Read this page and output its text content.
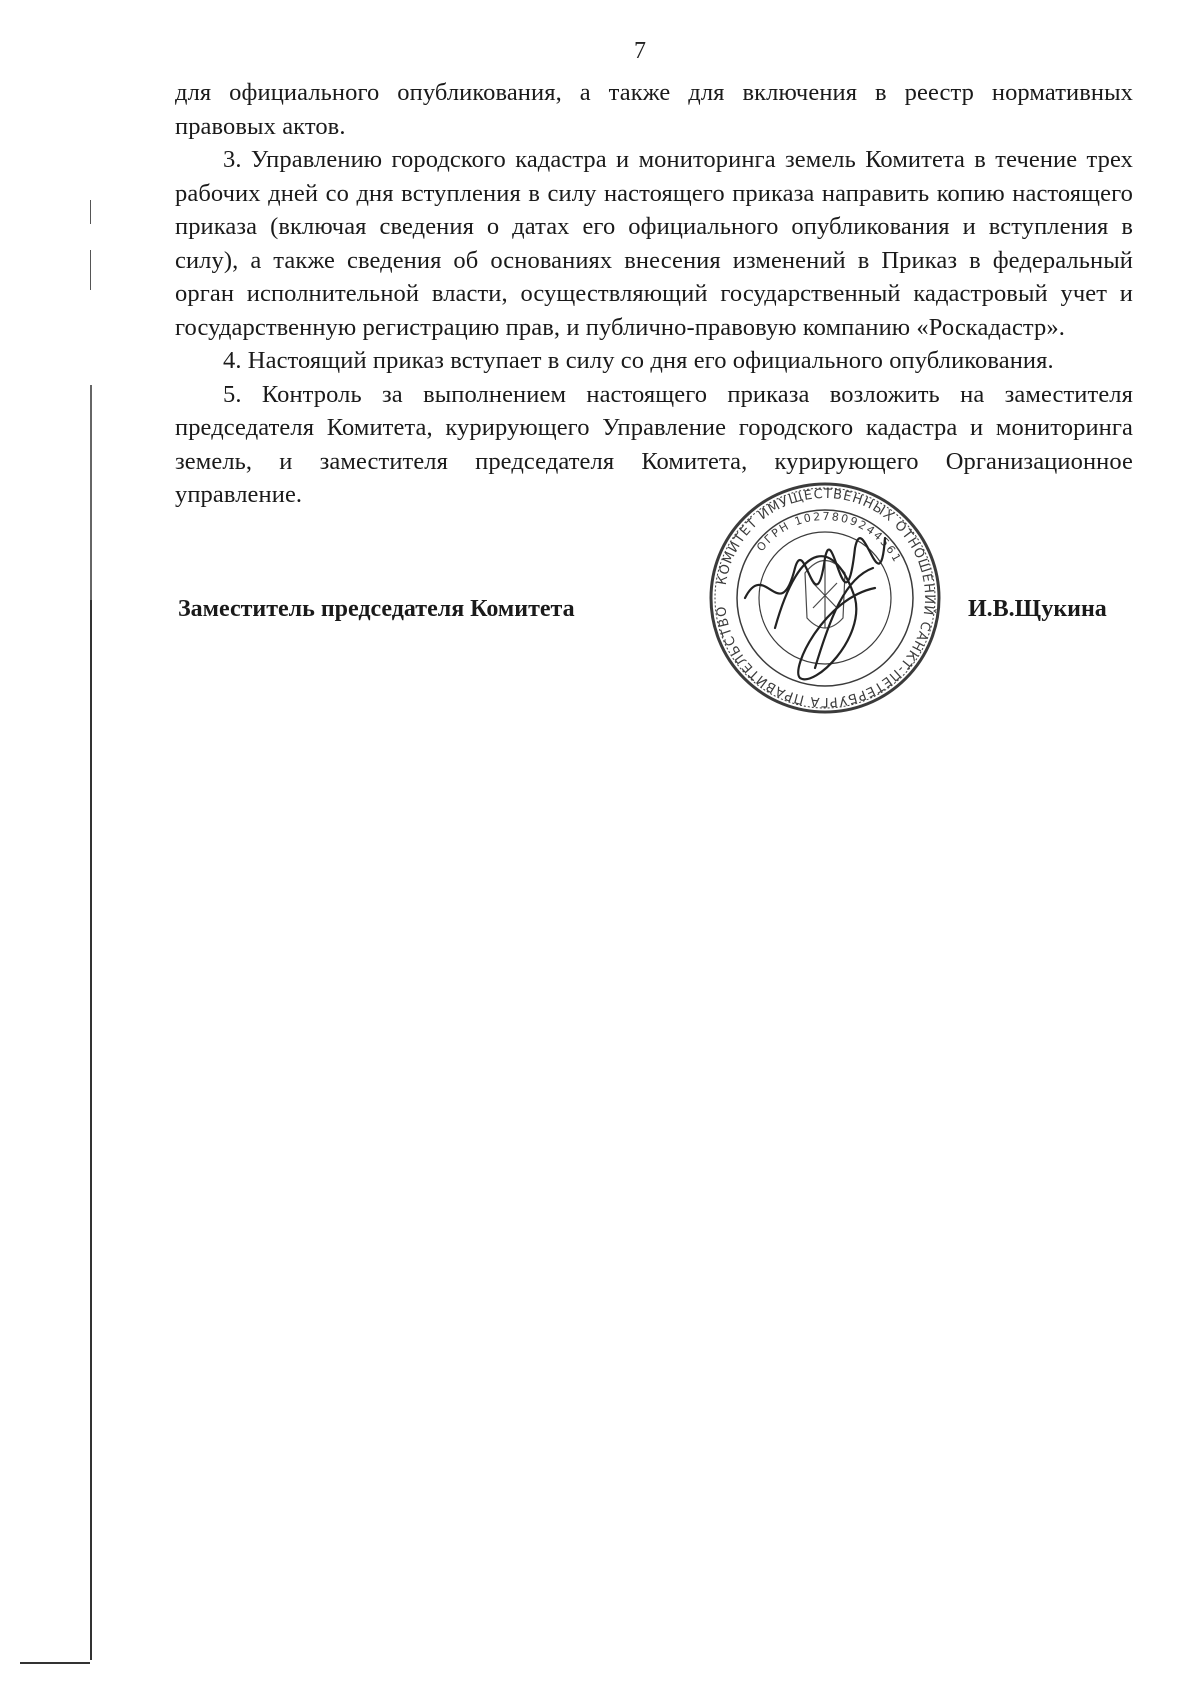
7

для официального опубликования, а также для включения в реестр нормативных правовых актов.

3. Управлению городского кадастра и мониторинга земель Комитета в течение трех рабочих дней со дня вступления в силу настоящего приказа направить копию настоящего приказа (включая сведения о датах его официального опубликования и вступления в силу), а также сведения об основаниях внесения изменений в Приказ в федеральный орган исполнительной власти, осуществляющий государственный кадастровый учет и государственную регистрацию прав, и публично-правовую компанию «Роскадастр».

4. Настоящий приказ вступает в силу со дня его официального опубликования.

5. Контроль за выполнением настоящего приказа возложить на заместителя председателя Комитета, курирующего Управление городского кадастра и мониторинга земель, и заместителя председателя Комитета, курирующего Организационное управление.

КОМИТЕТ ИМУЩЕСТВЕННЫХ ОТНОШЕНИЙ САНКТ-ПЕТЕРБУРГА ПРАВИТЕЛЬСТВО
ОГРН 1027809244561
Заместитель председателя Комитета	И.В.Щукина
